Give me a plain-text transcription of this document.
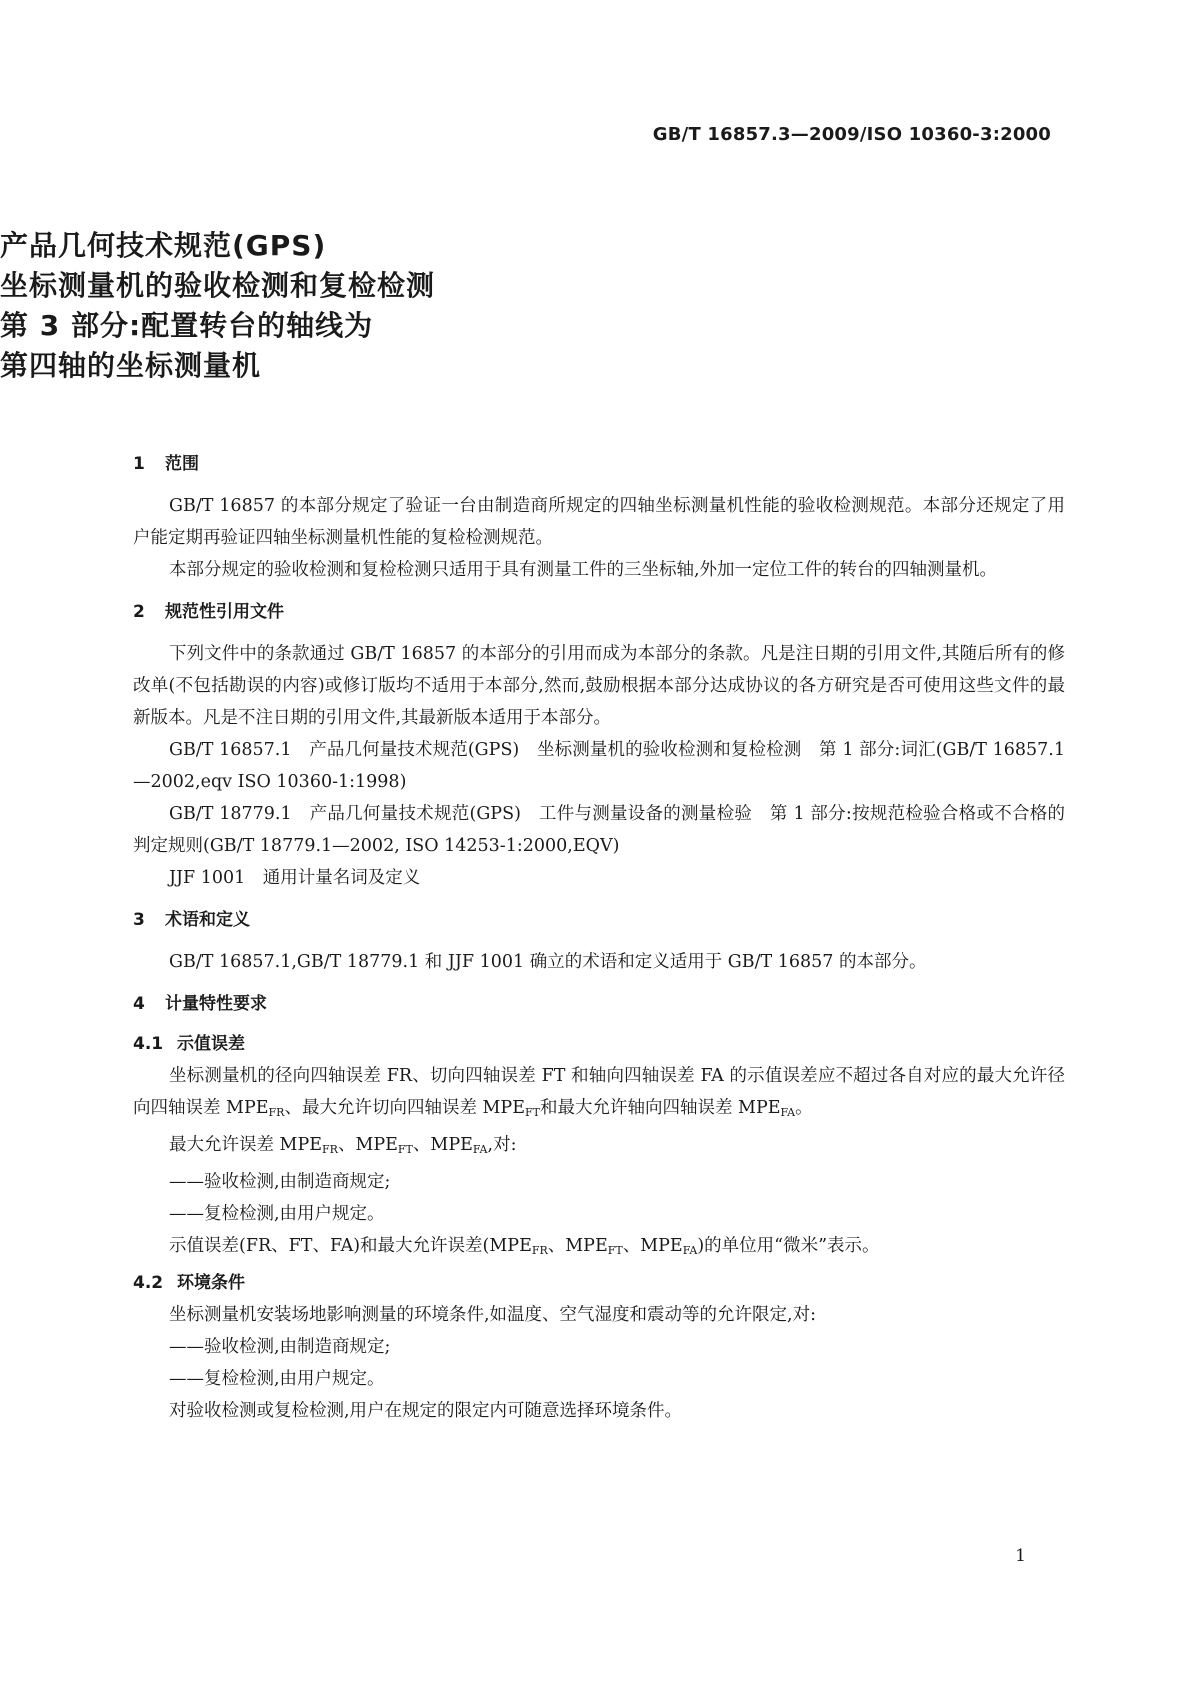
GB/T 16857.3—2009/ISO 10360-3:2000

产品几何技术规范(GPS)

坐标测量机的验收检测和复检检测

第 3 部分:配置转台的轴线为

第四轴的坐标测量机

1 范围

GB/T 16857 的本部分规定了验证一台由制造商所规定的四轴坐标测量机性能的验收检测规范。本部分还规定了用户能定期再验证四轴坐标测量机性能的复检检测规范。

本部分规定的验收检测和复检检测只适用于具有测量工件的三坐标轴,外加一定位工件的转台的四轴测量机。

2 规范性引用文件

下列文件中的条款通过 GB/T 16857 的本部分的引用而成为本部分的条款。凡是注日期的引用文件,其随后所有的修改单(不包括勘误的内容)或修订版均不适用于本部分,然而,鼓励根据本部分达成协议的各方研究是否可使用这些文件的最新版本。凡是不注日期的引用文件,其最新版本适用于本部分。

GB/T 16857.1　产品几何量技术规范(GPS)　坐标测量机的验收检测和复检检测　第 1 部分:词汇(GB/T 16857.1—2002,eqv ISO 10360-1:1998)

GB/T 18779.1　产品几何量技术规范(GPS)　工件与测量设备的测量检验　第 1 部分:按规范检验合格或不合格的判定规则(GB/T 18779.1—2002, ISO 14253-1:2000,EQV)

JJF 1001　通用计量名词及定义

3 术语和定义

GB/T 16857.1,GB/T 18779.1 和 JJF 1001 确立的术语和定义适用于 GB/T 16857 的本部分。

4 计量特性要求

4.1 示值误差

坐标测量机的径向四轴误差 FR、切向四轴误差 FT 和轴向四轴误差 FA 的示值误差应不超过各自对应的最大允许径向四轴误差 $MPE_{FR}$、最大允许切向四轴误差 $MPE_{FT}$和最大允许轴向四轴误差 $MPE_{FA}$。

最大允许误差 $MPE_{FR}$、$MPE_{FT}$、$MPE_{FA}$,对:

——验收检测,由制造商规定;

——复检检测,由用户规定。

示值误差(FR、FT、FA)和最大允许误差($MPE_{FR}$、$MPE_{FT}$、$MPE_{FA}$)的单位用“微米”表示。

4.2 环境条件

坐标测量机安装场地影响测量的环境条件,如温度、空气湿度和震动等的允许限定,对:

——验收检测,由制造商规定;

——复检检测,由用户规定。

对验收检测或复检检测,用户在规定的限定内可随意选择环境条件。

1
